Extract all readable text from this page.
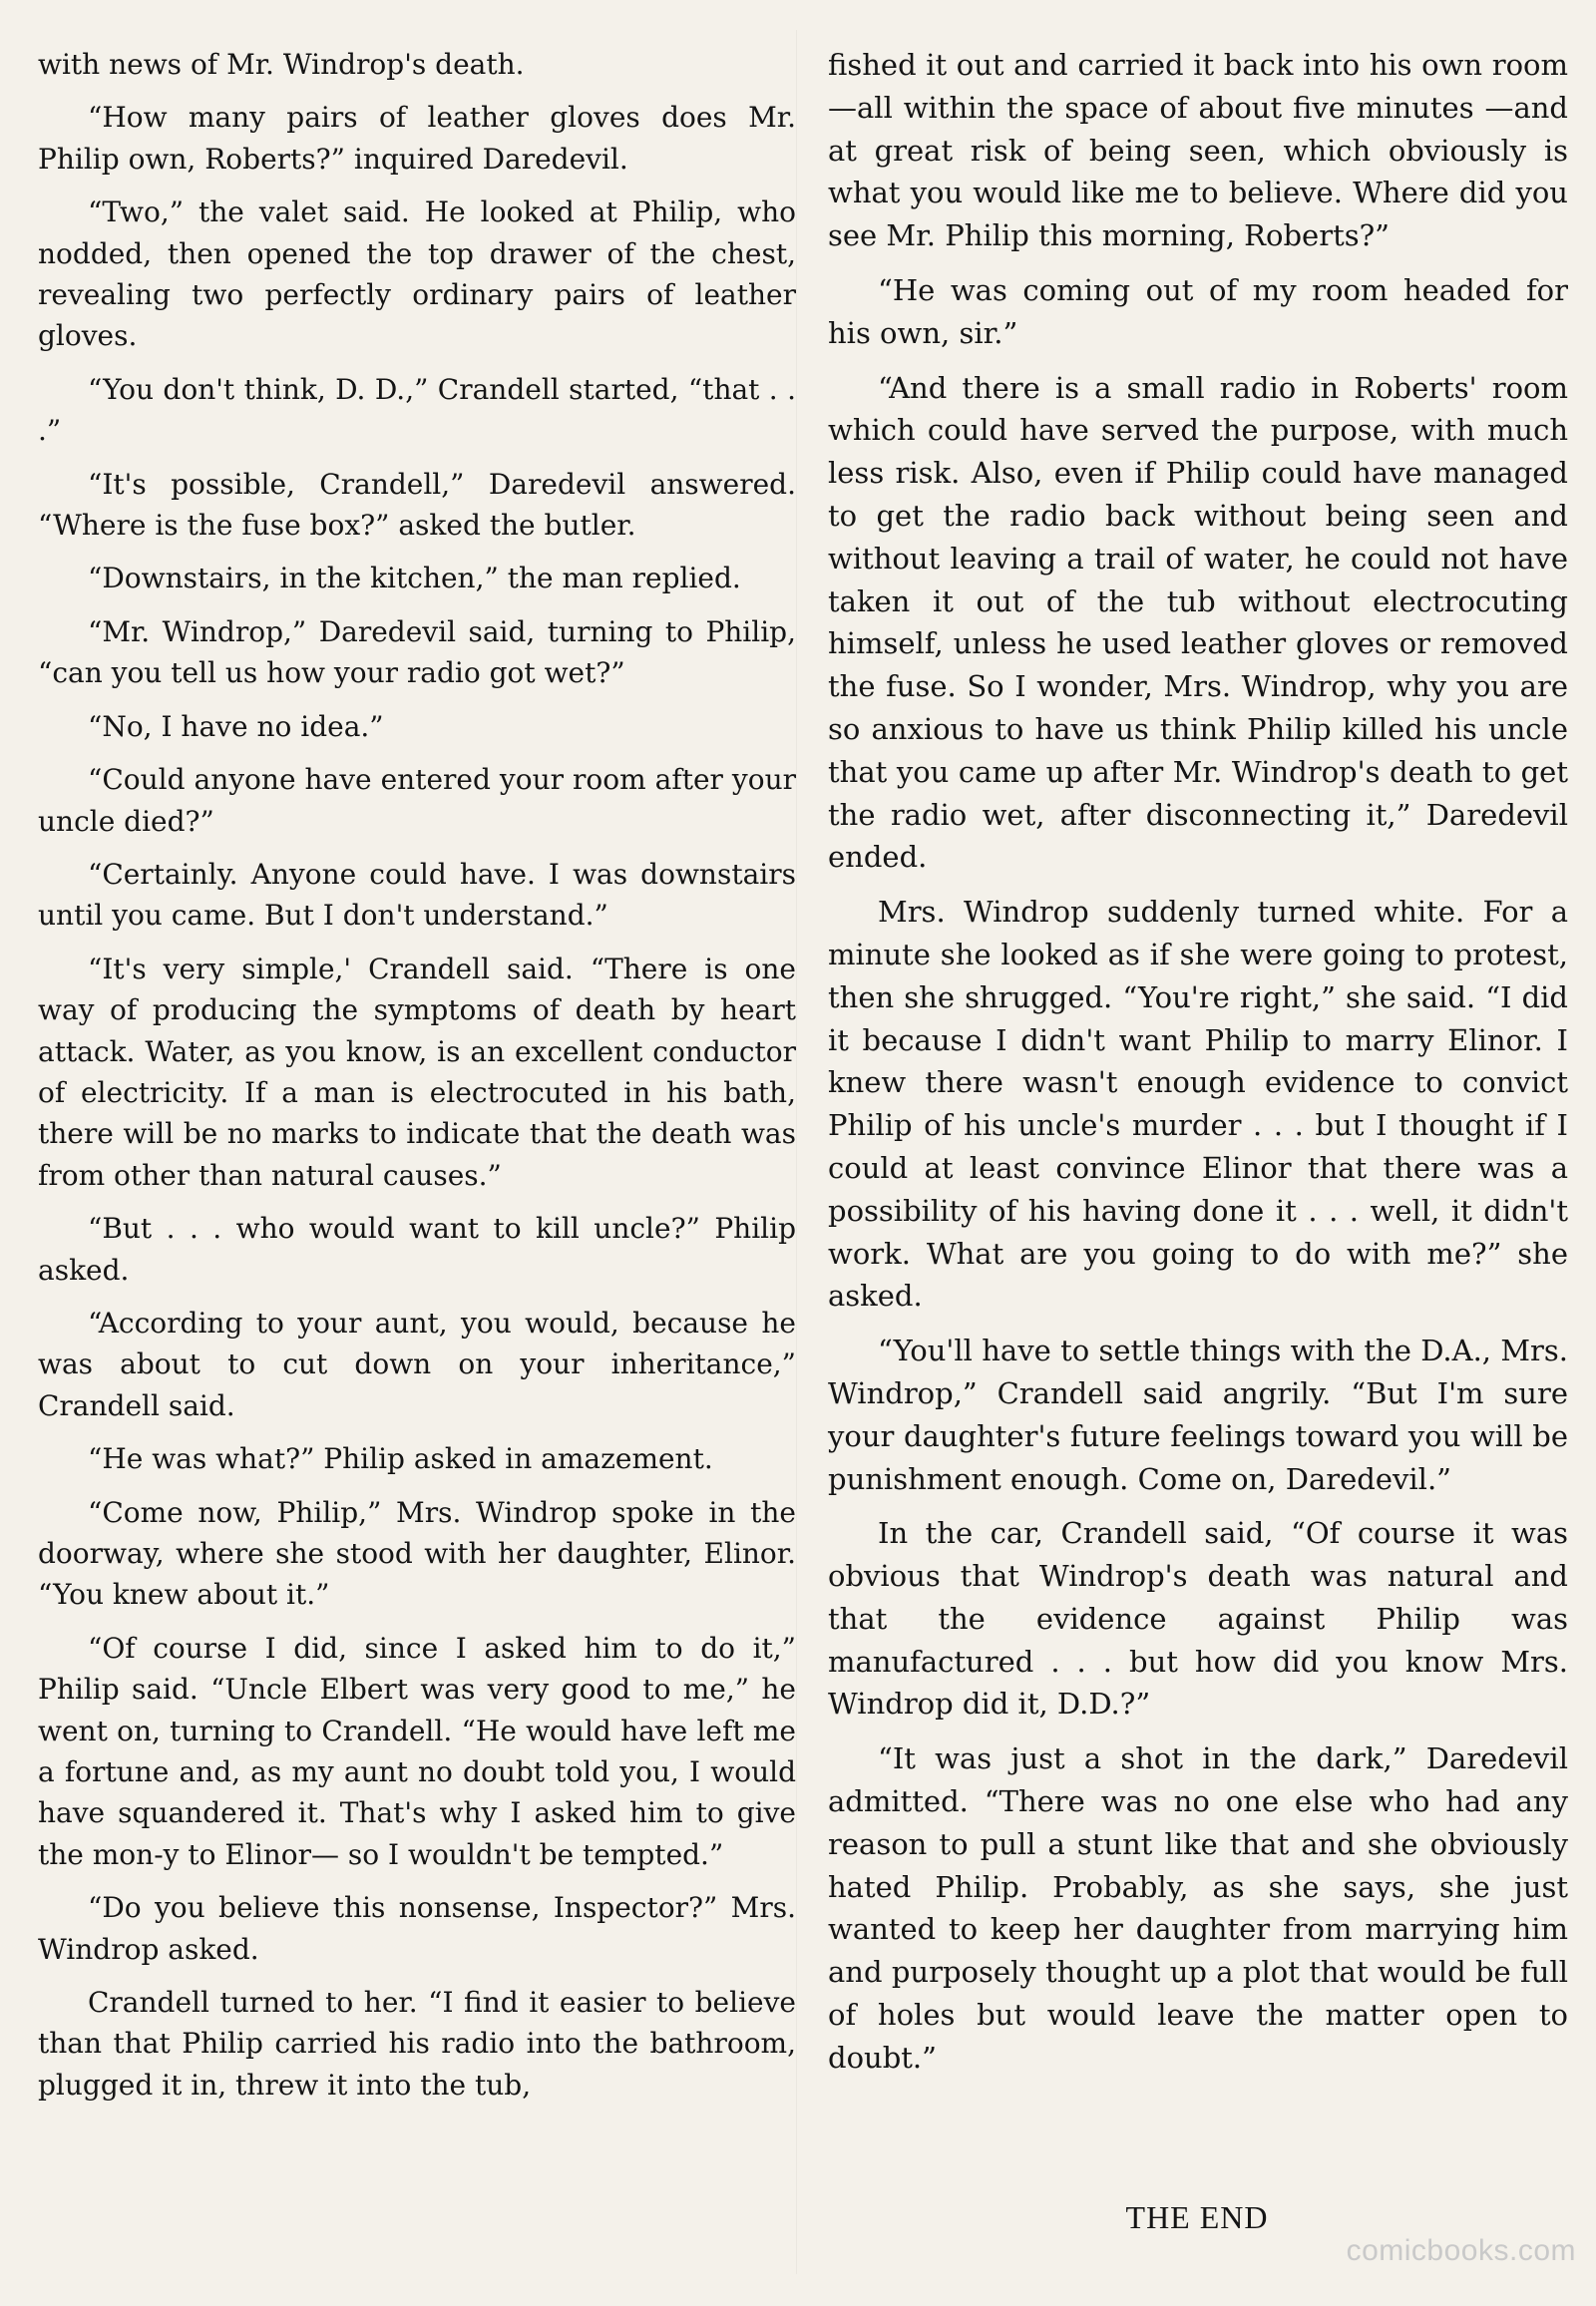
with news of Mr. Windrop's death.

“How many pairs of leather gloves does Mr. Philip own, Roberts?” inquired Daredevil.

“Two,” the valet said. He looked at Philip, who nodded, then opened the top drawer of the chest, revealing two perfectly ordinary pairs of leather gloves.

“You don't think, D. D.,” Crandell started, “that . . .”

“It's possible, Crandell,” Daredevil answered. “Where is the fuse box?” asked the butler.

“Downstairs, in the kitchen,” the man replied.

“Mr. Windrop,” Daredevil said, turning to Philip, “can you tell us how your radio got wet?”

“No, I have no idea.”

“Could anyone have entered your room after your uncle died?”

“Certainly. Anyone could have. I was downstairs until you came. But I don't understand.”

“It's very simple,' Crandell said. “There is one way of producing the symptoms of death by heart attack. Water, as you know, is an excellent conductor of electricity. If a man is electrocuted in his bath, there will be no marks to indicate that the death was from other than natural causes.”

“But . . . who would want to kill uncle?” Philip asked.

“According to your aunt, you would, because he was about to cut down on your inheritance,” Crandell said.

“He was what?” Philip asked in amazement.

“Come now, Philip,” Mrs. Windrop spoke in the doorway, where she stood with her daughter, Elinor. “You knew about it.”

“Of course I did, since I asked him to do it,” Philip said. “Uncle Elbert was very good to me,” he went on, turning to Crandell. “He would have left me a fortune and, as my aunt no doubt told you, I would have squandered it. That's why I asked him to give the mon-y to Elinor— so I wouldn't be tempted.”

“Do you believe this nonsense, Inspector?” Mrs. Windrop asked.

Crandell turned to her. “I find it easier to believe than that Philip carried his radio into the bathroom, plugged it in, threw it into the tub,

fished it out and carried it back into his own room—all within the space of about five minutes —and at great risk of being seen, which obviously is what you would like me to believe. Where did you see Mr. Philip this morning, Roberts?”

“He was coming out of my room headed for his own, sir.”

“And there is a small radio in Roberts' room which could have served the purpose, with much less risk. Also, even if Philip could have managed to get the radio back without being seen and without leaving a trail of water, he could not have taken it out of the tub without electrocuting himself, unless he used leather gloves or removed the fuse. So I wonder, Mrs. Windrop, why you are so anxious to have us think Philip killed his uncle that you came up after Mr. Windrop's death to get the radio wet, after disconnecting it,” Daredevil ended.

Mrs. Windrop suddenly turned white. For a minute she looked as if she were going to protest, then she shrugged. “You're right,” she said. “I did it because I didn't want Philip to marry Elinor. I knew there wasn't enough evidence to convict Philip of his uncle's murder . . . but I thought if I could at least convince Elinor that there was a possibility of his having done it . . . well, it didn't work. What are you going to do with me?” she asked.

“You'll have to settle things with the D.A., Mrs. Windrop,” Crandell said angrily. “But I'm sure your daughter's future feelings toward you will be punishment enough. Come on, Daredevil.”

In the car, Crandell said, “Of course it was obvious that Windrop's death was natural and that the evidence against Philip was manufactured . . . but how did you know Mrs. Windrop did it, D.D.?”

“It was just a shot in the dark,” Daredevil admitted. “There was no one else who had any reason to pull a stunt like that and she obviously hated Philip. Probably, as she says, she just wanted to keep her daughter from marrying him and purposely thought up a plot that would be full of holes but would leave the matter open to doubt.”

THE END
comicbooks.com
